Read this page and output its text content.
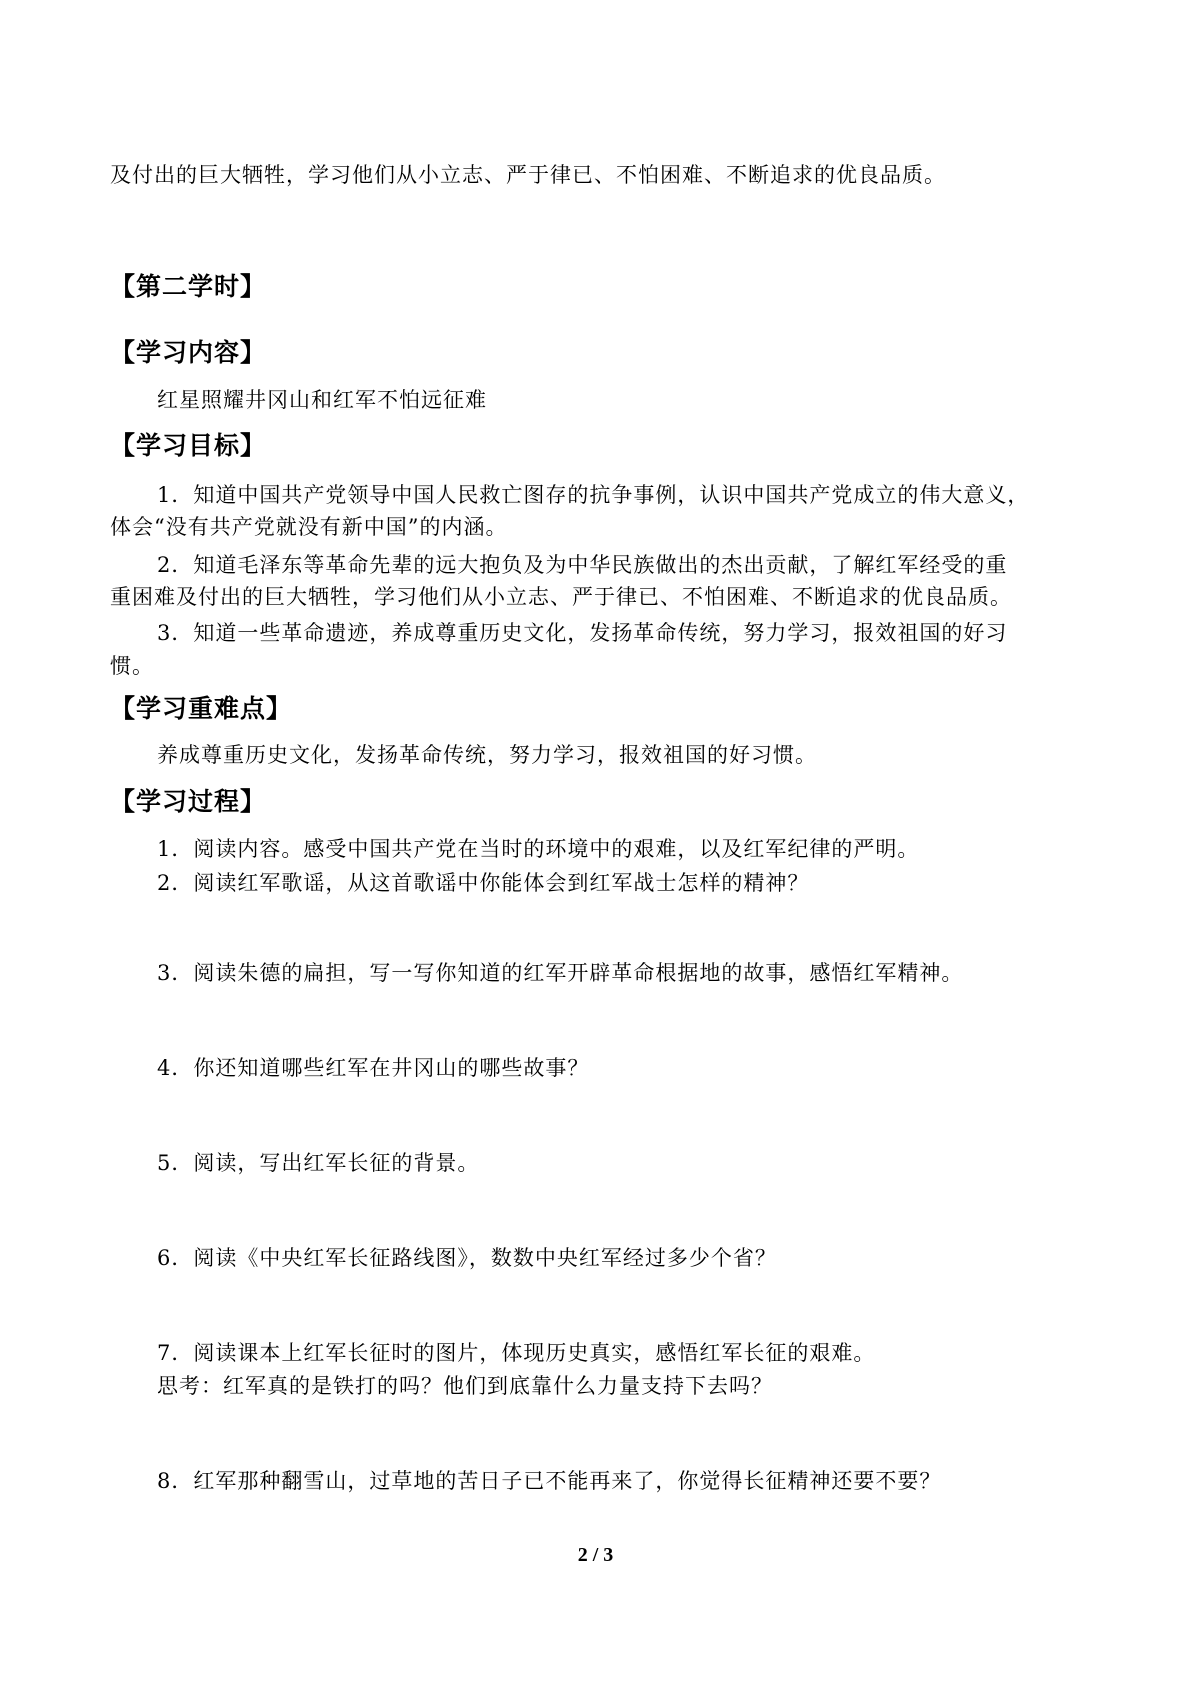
及付出的巨大牺牲，学习他们从小立志、严于律已、不怕困难、不断追求的优良品质。
【第二学时】
【学习内容】
红星照耀井冈山和红军不怕远征难
【学习目标】
1．知道中国共产党领导中国人民救亡图存的抗争事例，认识中国共产党成立的伟大意义，
体会“没有共产党就没有新中国”的内涵。
2．知道毛泽东等革命先辈的远大抱负及为中华民族做出的杰出贡献，了解红军经受的重
重困难及付出的巨大牺牲，学习他们从小立志、严于律已、不怕困难、不断追求的优良品质。
3．知道一些革命遗迹，养成尊重历史文化，发扬革命传统，努力学习，报效祖国的好习
惯。
【学习重难点】
养成尊重历史文化，发扬革命传统，努力学习，报效祖国的好习惯。
【学习过程】
1．阅读内容。感受中国共产党在当时的环境中的艰难，以及红军纪律的严明。
2．阅读红军歌谣，从这首歌谣中你能体会到红军战士怎样的精神？
3．阅读朱德的扁担，写一写你知道的红军开辟革命根据地的故事，感悟红军精神。
4．你还知道哪些红军在井冈山的哪些故事？
5．阅读，写出红军长征的背景。
6．阅读《中央红军长征路线图》，数数中央红军经过多少个省？
7．阅读课本上红军长征时的图片，体现历史真实，感悟红军长征的艰难。
思考：红军真的是铁打的吗？他们到底靠什么力量支持下去吗？
8．红军那种翻雪山，过草地的苦日子已不能再来了，你觉得长征精神还要不要？
2 / 3
